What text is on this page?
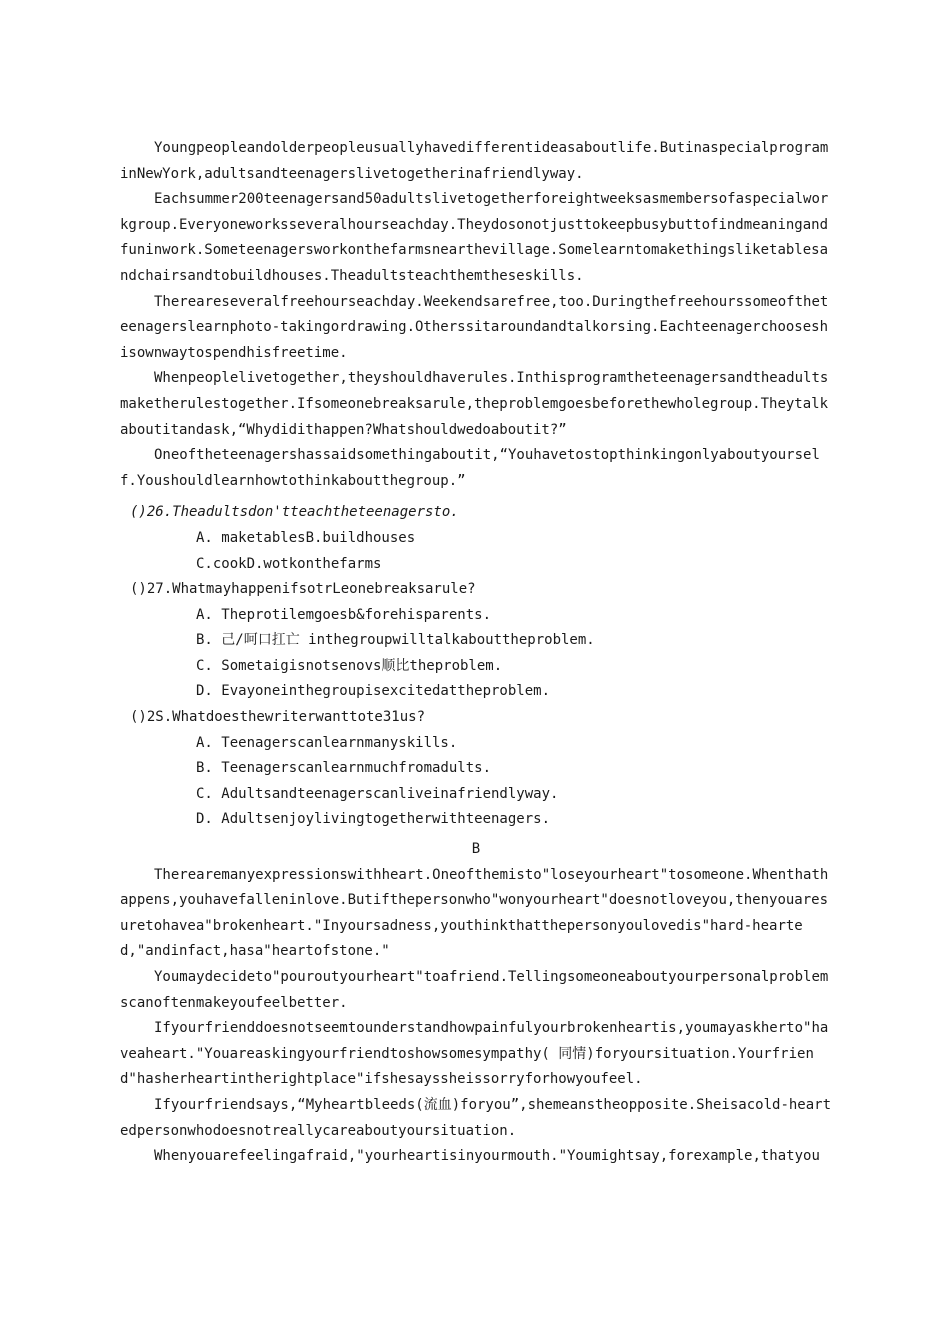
Youngpeopleandolderpeopleusuallyhavedifferentideasaboutlife.ButinaspecialprograminNewYork,adultsandteenagerslivetogetherinafriendlyway.

Eachsummer200teenagersand50adultslivetogetherforeightweeksasmembersofaspecialworkgroup.Everyoneworksseveralhourseachday.Theydosonotjusttokeepbusybuttofindmeaningandfuninwork.Someteenagersworkonthefarmsnearthevillage.Somelearntomakethingsliketablesandchairsandtobuildhouses.Theadultsteachthemtheseskills.

Thereareseveralfreehourseachday.Weekendsarefree,too.Duringthefreehourssomeoftheteenagerslearnphoto-takingordrawing.Otherssitaroundandtalkorsing.Eachteenagerchooseshisownwaytospendhisfreetime.

Whenpeoplelivetogether,theyshouldhaverules.Inthisprogramtheteenagersandtheadultsmaketherulestogether.Ifsomeonebreaksarule,theproblemgoesbeforethewholegroup.Theytalkaboutitandask,“Whydidithappen?Whatshouldwedoaboutit?”

Oneoftheteenagershassaidsomethingaboutit,“Youhavetostopthinkingonlyaboutyourself.Youshouldlearnhowtothinkaboutthegroup.”

()26.Theadultsdon'tteachtheteenagersto.

A. maketablesB.buildhouses

C.cookD.wotkonthefarms

()27.WhatmayhappenifsotrLeonebreaksarule?

A. Theprotilemgoesb&forehisparents.

B. 己/呵口扛亡 inthegroupwilltalkabouttheproblem.

C. Sometaigisnotsenovs顺比theproblem.

D. Evayoneinthegroupisexcitedattheproblem.

()2S.Whatdoesthewriterwanttote31us?

A. Teenagerscanlearnmanyskills.

B. Teenagerscanlearnmuchfromadults.

C. Adultsandteenagerscanliveinafriendlyway.

D. Adultsenjoylivingtogetherwithteenagers.

B

Therearemanyexpressionswithheart.Oneofthemisto"loseyourheart"tosomeone.Whenthathappens,youhavefalleninlove.Butifthepersonwho"wonyourheart"doesnotloveyou,thenyouaresuretohavea"brokenheart."Inyoursadness,youthinkthatthepersonyoulovedis"hard-hearted,"andinfact,hasa"heartofstone."

Youmaydecideto"pouroutyourheart"toafriend.Tellingsomeoneaboutyourpersonalproblemscanoftenmakeyoufeelbetter.

Ifyourfrienddoesnotseemtounderstandhowpainfulyourbrokenheartis,youmayaskherto"haveaheart."Youareaskingyourfriendtoshowsomesympathy( 同情)foryoursituation.Yourfriend"hasherheartintherightplace"ifshesayssheissorryforhowyoufeel.

Ifyourfriendsays,“Myheartbleeds(流血)foryou”,shemeanstheopposite.Sheisacold-heartedpersonwhodoesnotreallycareaboutyoursituation.

Whenyouarefeelingafraid,"yourheartisinyourmouth."Youmightsay,forexample,thatyou
